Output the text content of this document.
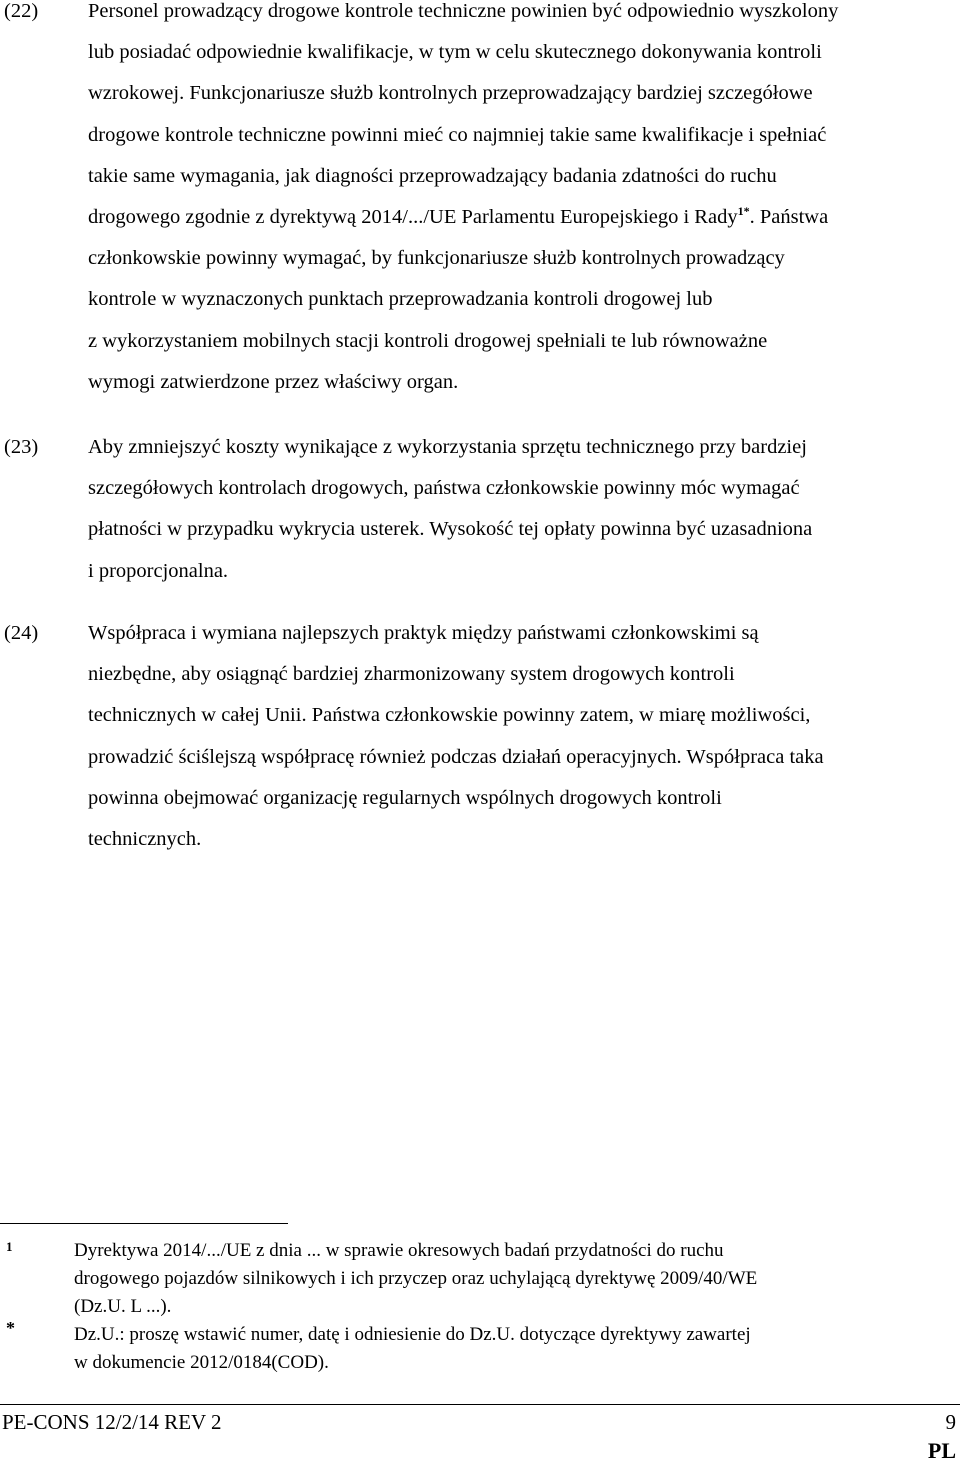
(22) Personel prowadzący drogowe kontrole techniczne powinien być odpowiednio wyszkolony
lub posiadać odpowiednie kwalifikacje, w tym w celu skutecznego dokonywania kontroli
wzrokowej. Funkcjonariusze służb kontrolnych przeprowadzający bardziej szczegółowe
drogowe kontrole techniczne powinni mieć co najmniej takie same kwalifikacje i spełniać
takie same wymagania, jak diagności przeprowadzający badania zdatności do ruchu
drogowego zgodnie z dyrektywą 2014/.../UE Parlamentu Europejskiego i Rady$^{1*}$. Państwa
członkowskie powinny wymagać, by funkcjonariusze służb kontrolnych prowadzący
kontrole w wyznaczonych punktach przeprowadzania kontroli drogowej lub
z wykorzystaniem mobilnych stacji kontroli drogowej spełniali te lub równoważne
wymogi zatwierdzone przez właściwy organ.
(23) Aby zmniejszyć koszty wynikające z wykorzystania sprzętu technicznego przy bardziej
szczegółowych kontrolach drogowych, państwa członkowskie powinny móc wymagać
płatności w przypadku wykrycia usterek. Wysokość tej opłaty powinna być uzasadniona
i proporcjonalna.
(24) Współpraca i wymiana najlepszych praktyk między państwami członkowskimi są
niezbędne, aby osiągnąć bardziej zharmonizowany system drogowych kontroli
technicznych w całej Unii. Państwa członkowskie powinny zatem, w miarę możliwości,
prowadzić ściślejszą współpracę również podczas działań operacyjnych. Współpraca taka
powinna obejmować organizację regularnych wspólnych drogowych kontroli
technicznych.
1	Dyrektywa 2014/.../UE z dnia ... w sprawie okresowych badań przydatności do ruchu
drogowego pojazdów silnikowych i ich przyczep oraz uchylającą dyrektywę 2009/40/WE
(Dz.U. L ...).
*	Dz.U.: proszę wstawić numer, datę i odniesienie do Dz.U. dotyczące dyrektywy zawartej
w dokumencie 2012/0184(COD).
PE-CONS 12/2/14 REV 2	9
PL
